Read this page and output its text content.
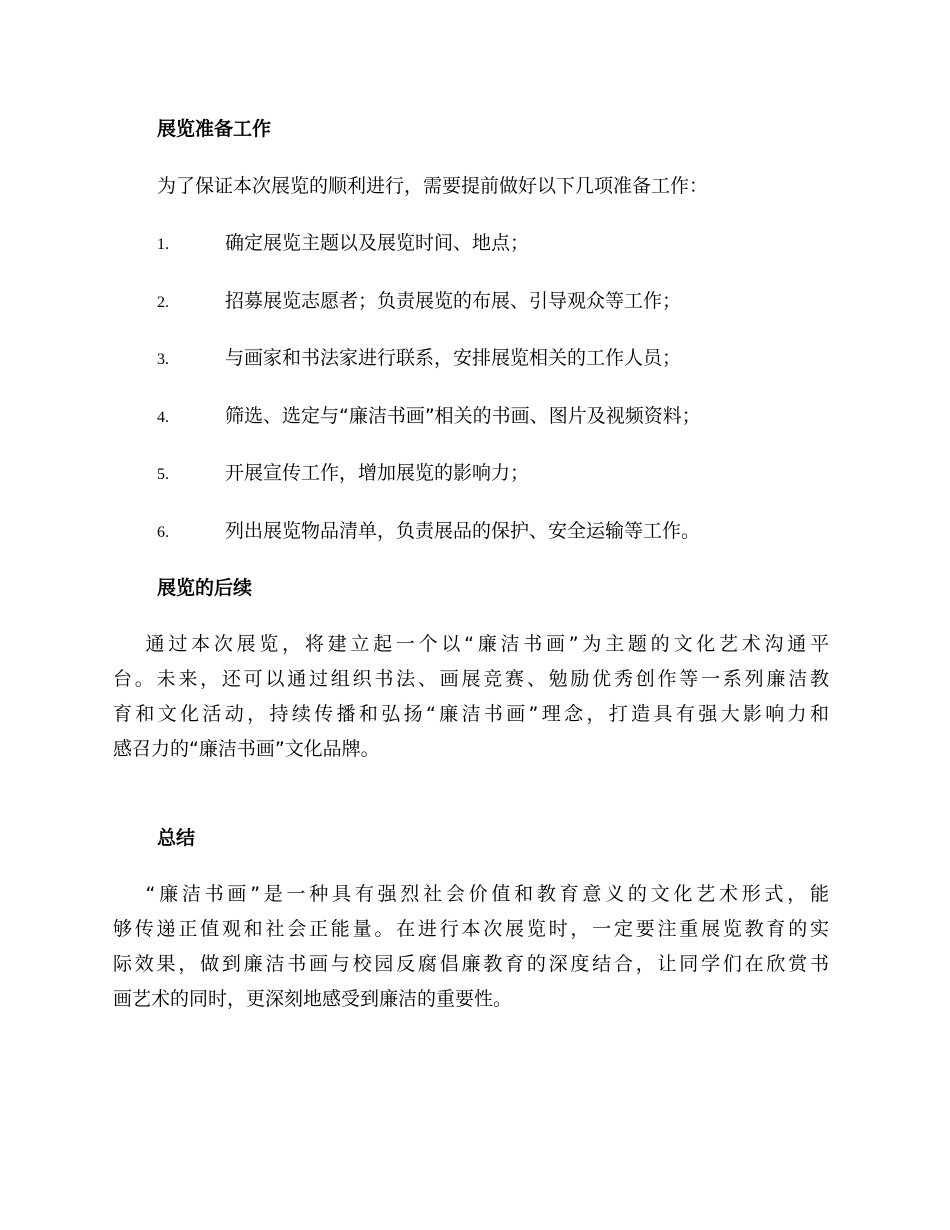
展览准备工作
为了保证本次展览的顺利进行，需要提前做好以下几项准备工作：
1.	确定展览主题以及展览时间、地点；
2.	招募展览志愿者；负责展览的布展、引导观众等工作；
3.	与画家和书法家进行联系，安排展览相关的工作人员；
4.	筛选、选定与“廉洁书画”相关的书画、图片及视频资料；
5.	开展宣传工作，增加展览的影响力；
6.	列出展览物品清单，负责展品的保护、安全运输等工作。
展览的后续
　 通过本次展览，将建立起一个以“廉洁书画”为主题的文化艺术沟通平
台。未来，还可以通过组织书法、画展竞赛、勉励优秀创作等一系列廉洁教
育和文化活动，持续传播和弘扬“廉洁书画”理念，打造具有强大影响力和
感召力的“廉洁书画”文化品牌。
总结
　 “廉洁书画”是一种具有强烈社会价值和教育意义的文化艺术形式，能
够传递正值观和社会正能量。在进行本次展览时，一定要注重展览教育的实
际效果，做到廉洁书画与校园反腐倡廉教育的深度结合，让同学们在欣赏书
画艺术的同时，更深刻地感受到廉洁的重要性。
